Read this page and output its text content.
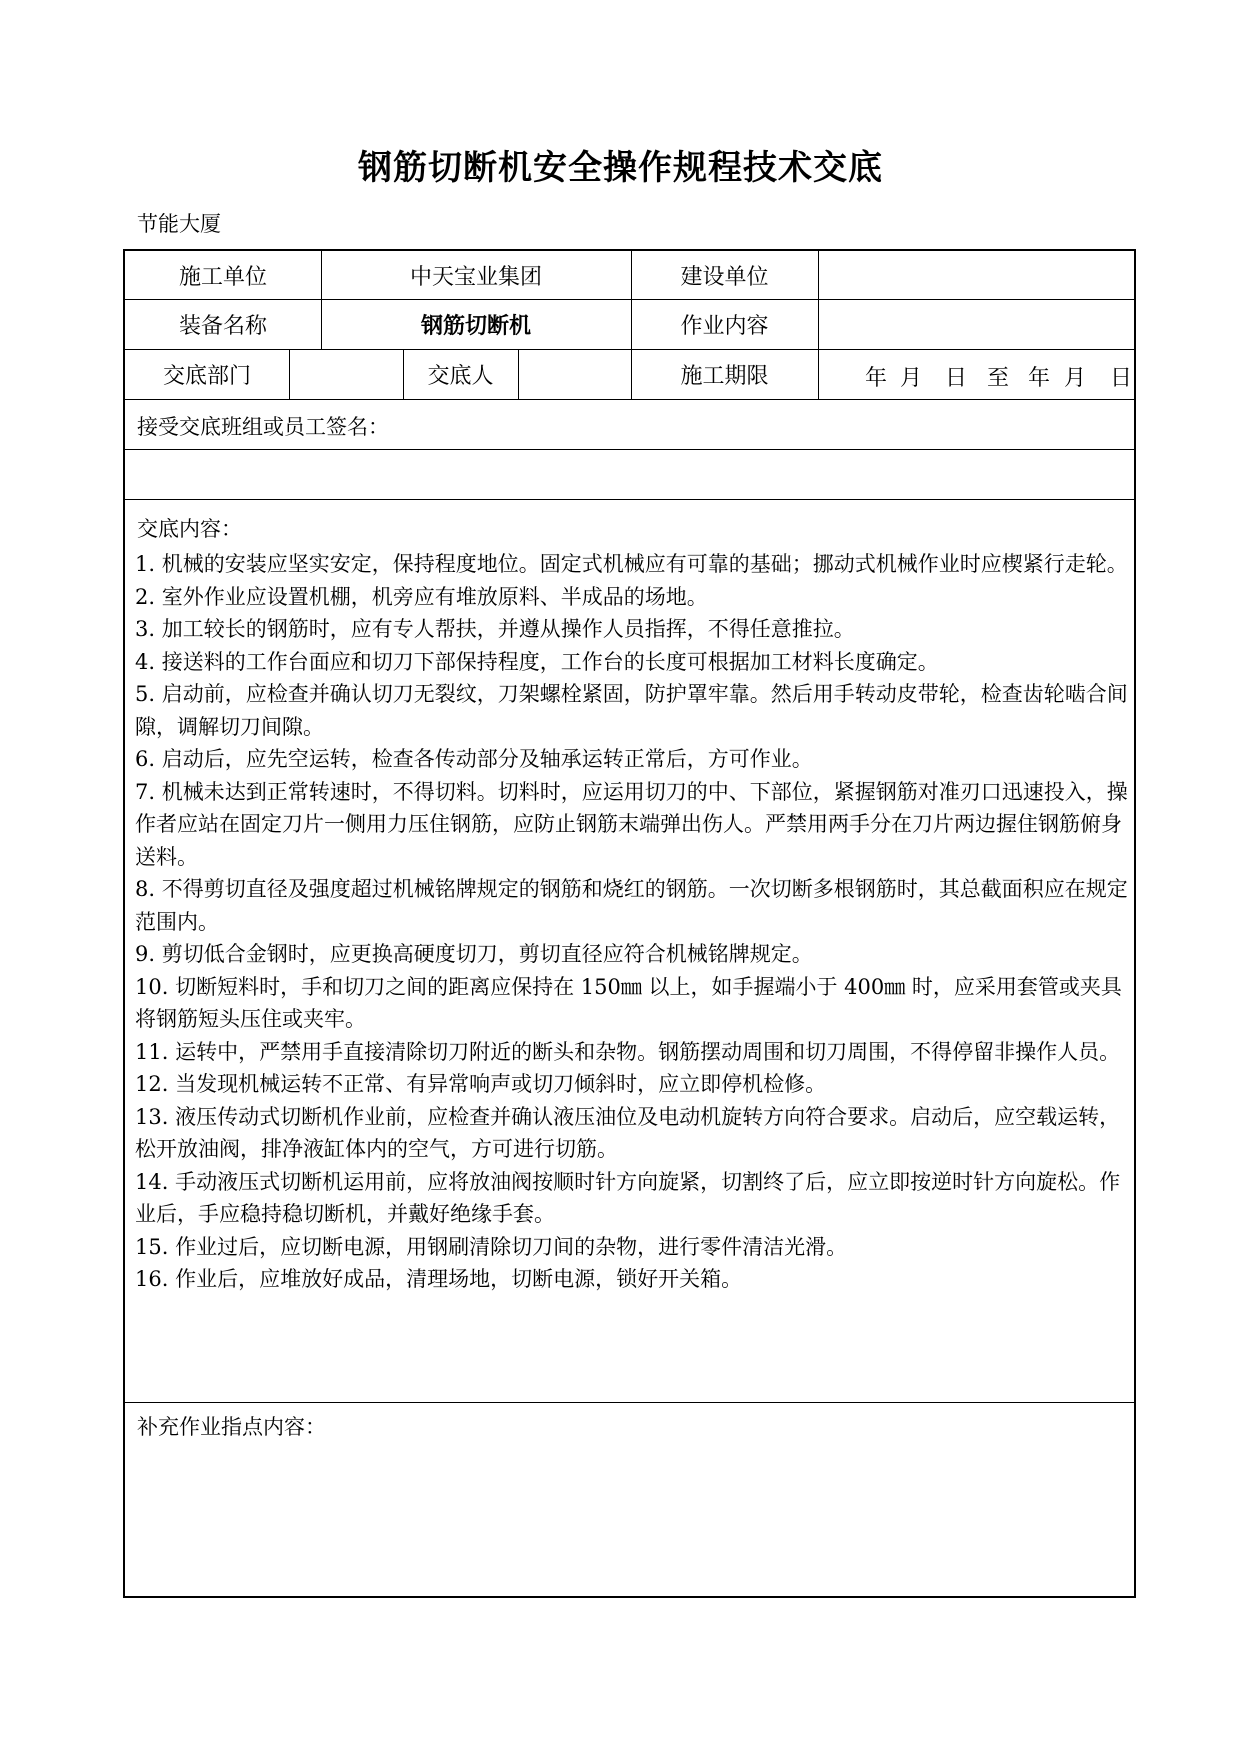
钢筋切断机安全操作规程技术交底
节能大厦
施工单位	中天宝业集团	建设单位
装备名称	钢筋切断机	作业内容
交底部门	交底人	施工期限	年 月 日 至 年 月 日
接受交底班组或员工签名：
交底内容：
补充作业指点内容：

1. 机械的安装应坚实安定，保持程度地位。固定式机械应有可靠的基础；挪动式机械作业时应楔紧行走轮。

2. 室外作业应设置机棚，机旁应有堆放原料、半成品的场地。

3. 加工较长的钢筋时，应有专人帮扶，并遵从操作人员指挥，不得任意推拉。

4. 接送料的工作台面应和切刀下部保持程度，工作台的长度可根据加工材料长度确定。

5. 启动前，应检查并确认切刀无裂纹，刀架螺栓紧固，防护罩牢靠。然后用手转动皮带轮，检查齿轮啮合间隙，调解切刀间隙。

6. 启动后，应先空运转，检查各传动部分及轴承运转正常后，方可作业。

7. 机械未达到正常转速时，不得切料。切料时，应运用切刀的中、下部位，紧握钢筋对准刃口迅速投入，操作者应站在固定刀片一侧用力压住钢筋，应防止钢筋末端弹出伤人。严禁用两手分在刀片两边握住钢筋俯身送料。

8. 不得剪切直径及强度超过机械铭牌规定的钢筋和烧红的钢筋。一次切断多根钢筋时，其总截面积应在规定范围内。

9. 剪切低合金钢时，应更换高硬度切刀，剪切直径应符合机械铭牌规定。

10. 切断短料时，手和切刀之间的距离应保持在 150㎜ 以上，如手握端小于 400㎜ 时，应采用套管或夹具将钢筋短头压住或夹牢。

11. 运转中，严禁用手直接清除切刀附近的断头和杂物。钢筋摆动周围和切刀周围，不得停留非操作人员。

12. 当发现机械运转不正常、有异常响声或切刀倾斜时，应立即停机检修。

13. 液压传动式切断机作业前，应检查并确认液压油位及电动机旋转方向符合要求。启动后，应空载运转，松开放油阀，排净液缸体内的空气，方可进行切筋。

14. 手动液压式切断机运用前，应将放油阀按顺时针方向旋紧，切割终了后，应立即按逆时针方向旋松。作业后，手应稳持稳切断机，并戴好绝缘手套。

15. 作业过后，应切断电源，用钢刷清除切刀间的杂物，进行零件清洁光滑。

16. 作业后，应堆放好成品，清理场地，切断电源，锁好开关箱。
